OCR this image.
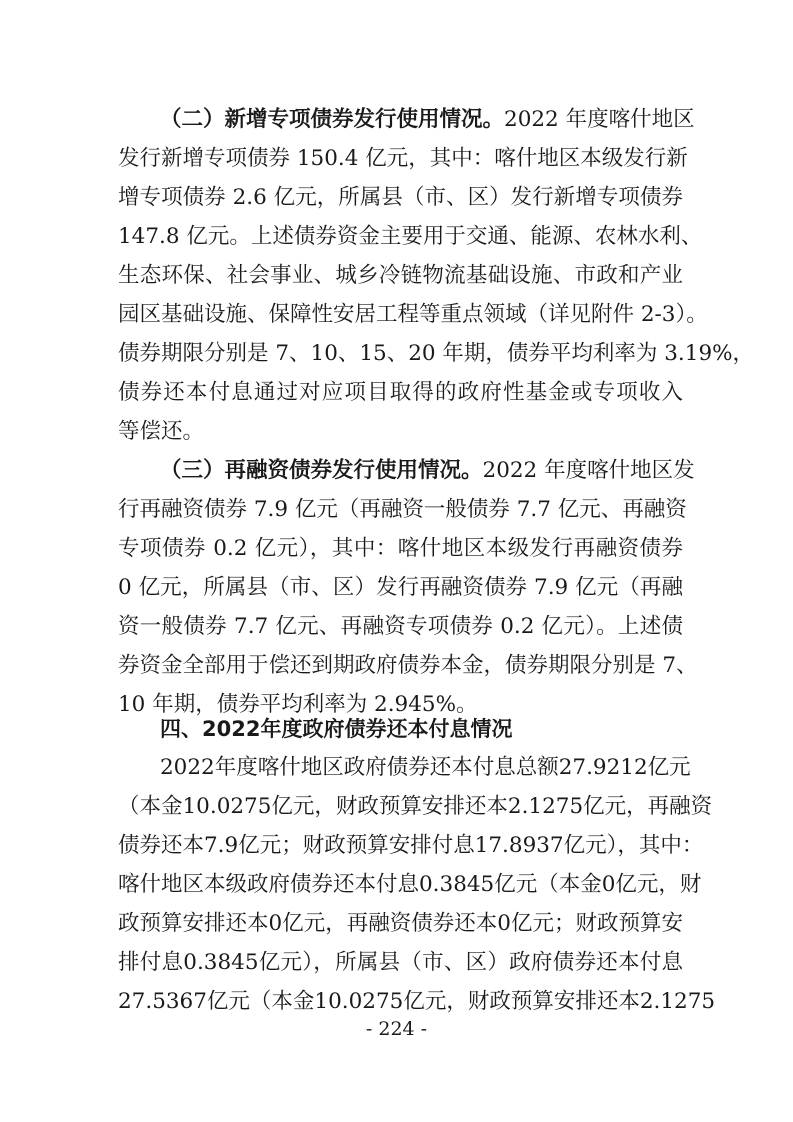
（二）新增专项债券发行使用情况。2022 年度喀什地区
发行新增专项债券 150.4 亿元，其中：喀什地区本级发行新
增专项债券 2.6 亿元，所属县（市、区）发行新增专项债券
147.8 亿元。上述债券资金主要用于交通、能源、农林水利、
生态环保、社会事业、城乡冷链物流基础设施、市政和产业
园区基础设施、保障性安居工程等重点领域（详见附件 2-3）。
债券期限分别是 7、10、15、20 年期，债券平均利率为 3.19%，
债券还本付息通过对应项目取得的政府性基金或专项收入
等偿还。
（三）再融资债券发行使用情况。2022 年度喀什地区发
行再融资债券 7.9 亿元（再融资一般债券 7.7 亿元、再融资
专项债券 0.2 亿元），其中：喀什地区本级发行再融资债券
0 亿元，所属县（市、区）发行再融资债券 7.9 亿元（再融
资一般债券 7.7 亿元、再融资专项债券 0.2 亿元）。上述债
券资金全部用于偿还到期政府债券本金，债券期限分别是 7、
10 年期，债券平均利率为 2.945%。
四、2022年度政府债券还本付息情况
2022年度喀什地区政府债券还本付息总额27.9212亿元
（本金10.0275亿元，财政预算安排还本2.1275亿元，再融资
债券还本7.9亿元；财政预算安排付息17.8937亿元），其中：
喀什地区本级政府债券还本付息0.3845亿元（本金0亿元，财
政预算安排还本0亿元，再融资债券还本0亿元；财政预算安
排付息0.3845亿元），所属县（市、区）政府债券还本付息
27.5367亿元（本金10.0275亿元，财政预算安排还本2.1275
- 224 -
